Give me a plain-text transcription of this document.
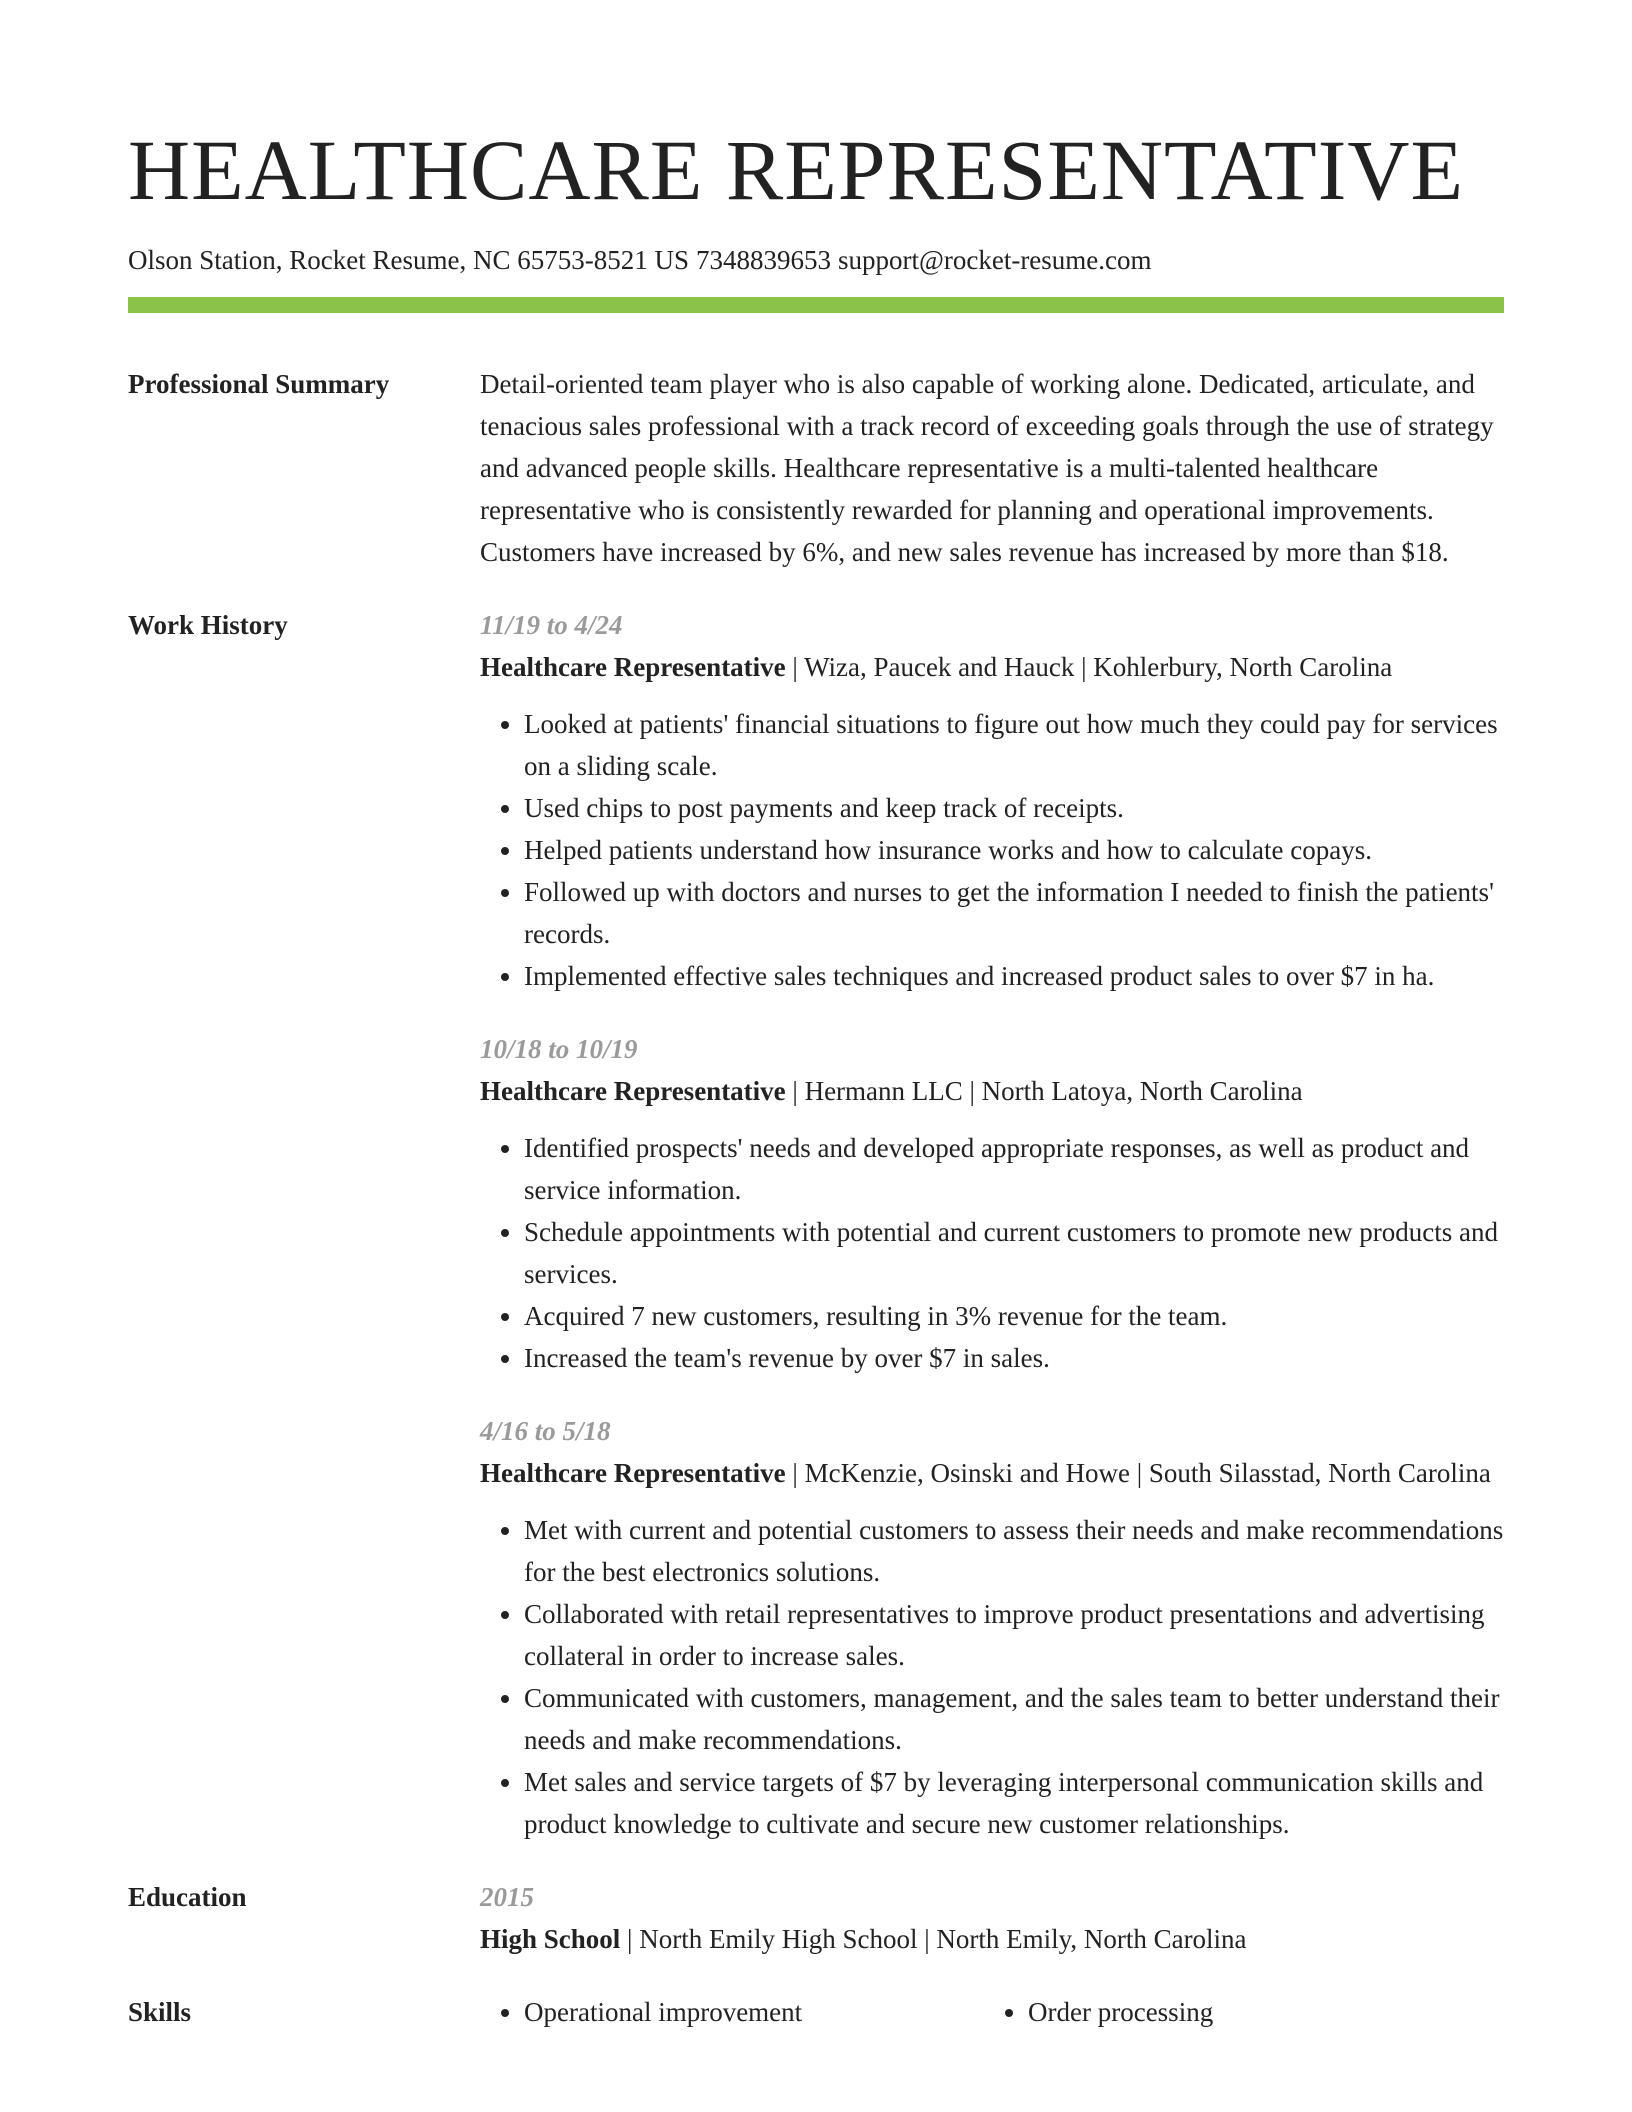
HEALTHCARE REPRESENTATIVE
Olson Station, Rocket Resume, NC 65753-8521 US 7348839653 support@rocket-resume.com
Professional Summary	Detail-oriented team player who is also capable of working alone. Dedicated, articulate, and tenacious sales professional with a track record of exceeding goals through the use of strategy and advanced people skills. Healthcare representative is a multi-talented healthcare representative who is consistently rewarded for planning and operational improvements. Customers have increased by 6%, and new sales revenue has increased by more than $18.

Work History	11/19 to 4/24
Healthcare Representative | Wiza, Paucek and Hauck | Kohlerbury, North Carolina
• Looked at patients' financial situations to figure out how much they could pay for services on a sliding scale.
• Used chips to post payments and keep track of receipts.
• Helped patients understand how insurance works and how to calculate copays.
• Followed up with doctors and nurses to get the information I needed to finish the patients' records.
• Implemented effective sales techniques and increased product sales to over $7 in ha.
10/18 to 10/19
Healthcare Representative | Hermann LLC | North Latoya, North Carolina
• Identified prospects' needs and developed appropriate responses, as well as product and service information.
• Schedule appointments with potential and current customers to promote new products and services.
• Acquired 7 new customers, resulting in 3% revenue for the team.
• Increased the team's revenue by over $7 in sales.
4/16 to 5/18
Healthcare Representative | McKenzie, Osinski and Howe | South Silasstad, North Carolina
• Met with current and potential customers to assess their needs and make recommendations for the best electronics solutions.
• Collaborated with retail representatives to improve product presentations and advertising collateral in order to increase sales.
• Communicated with customers, management, and the sales team to better understand their needs and make recommendations.
• Met sales and service targets of $7 by leveraging interpersonal communication skills and product knowledge to cultivate and secure new customer relationships.
Education	2015
High School | North Emily High School | North Emily, North Carolina
Skills	• Operational improvement	• Order processing
